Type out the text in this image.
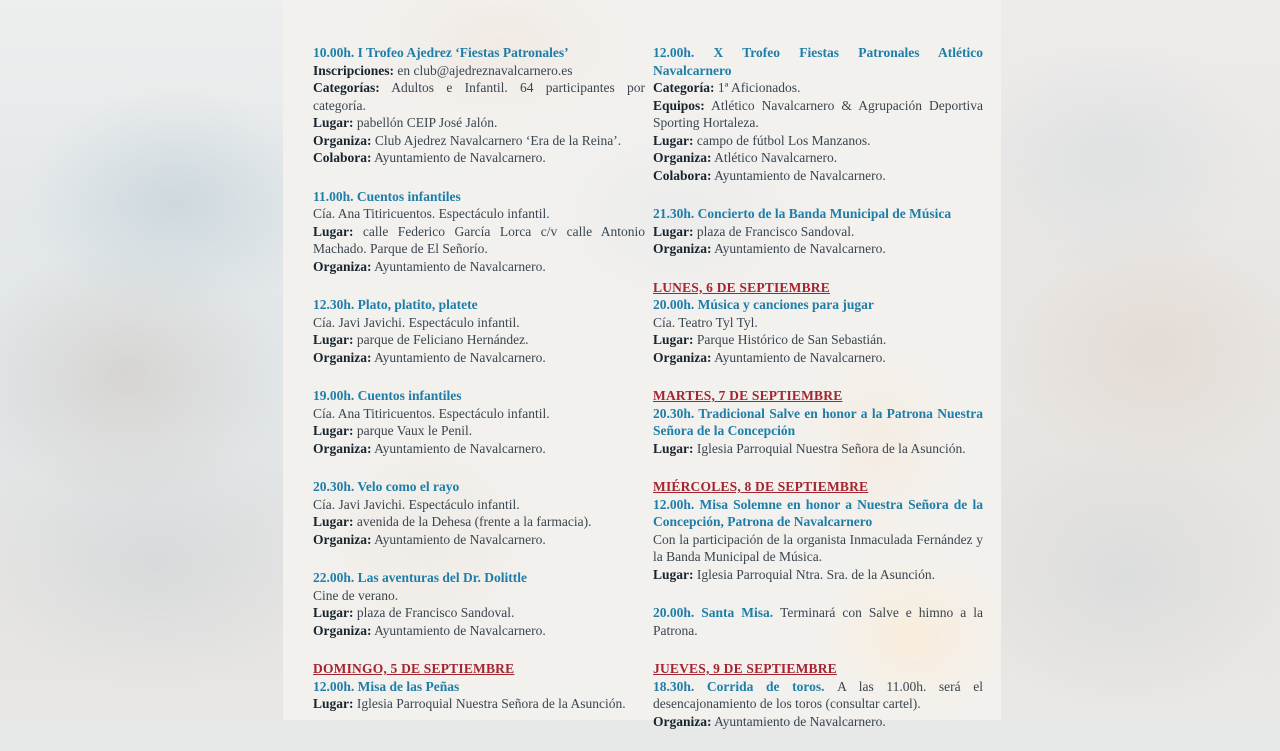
10.00h. I Trofeo Ajedrez ‘Fiestas Patronales’

Inscripciones: en club@ajedreznavalcarnero.es

Categorías: Adultos e Infantil. 64 participantes por categoría.

Lugar: pabellón CEIP José Jalón.

Organiza: Club Ajedrez Navalcarnero ‘Era de la Reina’.

Colabora: Ayuntamiento de Navalcarnero.

11.00h. Cuentos infantiles

Cía. Ana Titiricuentos. Espectáculo infantil.

Lugar: calle Federico García Lorca c/v calle Antonio Machado. Parque de El Señorío.

Organiza: Ayuntamiento de Navalcarnero.

12.30h. Plato, platito, platete

Cía. Javi Javichi. Espectáculo infantil.

Lugar: parque de Feliciano Hernández.

Organiza: Ayuntamiento de Navalcarnero.

19.00h. Cuentos infantiles

Cía. Ana Titiricuentos. Espectáculo infantil.

Lugar: parque Vaux le Penil.

Organiza: Ayuntamiento de Navalcarnero.

20.30h. Velo como el rayo

Cía. Javi Javichi. Espectáculo infantil.

Lugar: avenida de la Dehesa (frente a la farmacia).

Organiza: Ayuntamiento de Navalcarnero.

22.00h. Las aventuras del Dr. Dolittle

Cine de verano.

Lugar: plaza de Francisco Sandoval.

Organiza: Ayuntamiento de Navalcarnero.

DOMINGO, 5 DE SEPTIEMBRE
12.00h. Misa de las Peñas

Lugar: Iglesia Parroquial Nuestra Señora de la Asunción.

12.00h. X Trofeo Fiestas Patronales Atlético Navalcarnero

Categoría: 1ª Aficionados.

Equipos: Atlético Navalcarnero & Agrupación Deportiva Sporting Hortaleza.

Lugar: campo de fútbol Los Manzanos.

Organiza: Atlético Navalcarnero.

Colabora: Ayuntamiento de Navalcarnero.

21.30h. Concierto de la Banda Municipal de Música

Lugar: plaza de Francisco Sandoval.

Organiza: Ayuntamiento de Navalcarnero.

LUNES, 6 DE SEPTIEMBRE
20.00h. Música y canciones para jugar

Cía. Teatro Tyl Tyl.

Lugar: Parque Histórico de San Sebastián.

Organiza: Ayuntamiento de Navalcarnero.

MARTES, 7 DE SEPTIEMBRE
20.30h. Tradicional Salve en honor a la Patrona Nuestra Señora de la Concepción

Lugar: Iglesia Parroquial Nuestra Señora de la Asunción.

MIÉRCOLES, 8 DE SEPTIEMBRE
12.00h. Misa Solemne en honor a Nuestra Señora de la Concepción, Patrona de Navalcarnero

Con la participación de la organista Inmaculada Fernández y la Banda Municipal de Música.

Lugar: Iglesia Parroquial Ntra. Sra. de la Asunción.

20.00h. Santa Misa. Terminará con Salve e himno a la Patrona.
JUEVES, 9 DE SEPTIEMBRE
18.30h. Corrida de toros. A las 11.00h. será el desencajonamiento de los toros (consultar cartel).

Organiza: Ayuntamiento de Navalcarnero.
